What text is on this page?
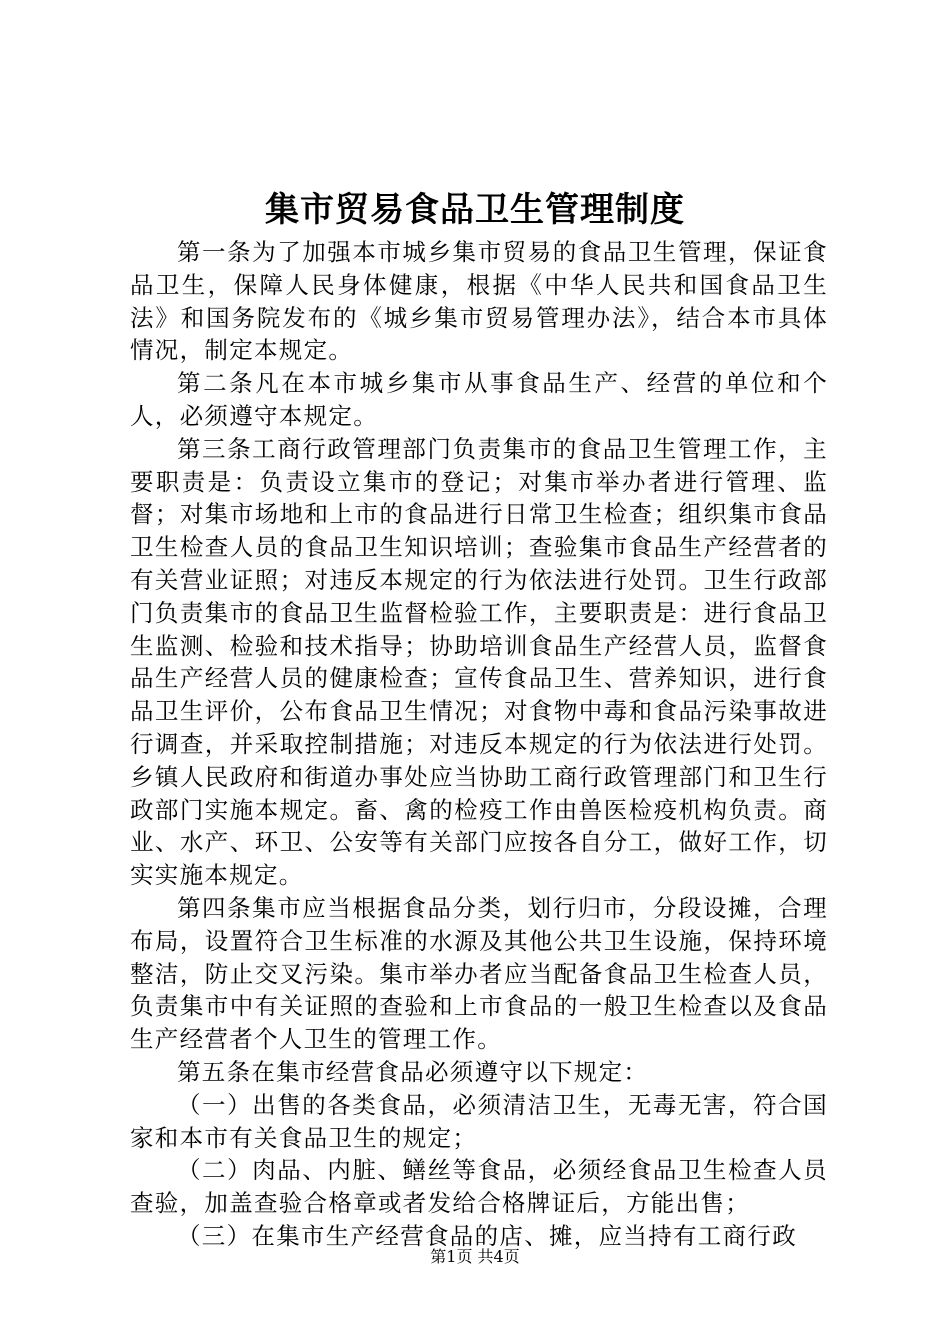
集市贸易食品卫生管理制度

第一条为了加强本市城乡集市贸易的食品卫生管理，保证食品卫生，保障人民身体健康，根据《中华人民共和国食品卫生法》和国务院发布的《城乡集市贸易管理办法》，结合本市具体情况，制定本规定。

第二条凡在本市城乡集市从事食品生产、经营的单位和个人，必须遵守本规定。

第三条工商行政管理部门负责集市的食品卫生管理工作，主要职责是：负责设立集市的登记；对集市举办者进行管理、监督；对集市场地和上市的食品进行日常卫生检查；组织集市食品卫生检查人员的食品卫生知识培训；查验集市食品生产经营者的有关营业证照；对违反本规定的行为依法进行处罚。卫生行政部门负责集市的食品卫生监督检验工作，主要职责是：进行食品卫生监测、检验和技术指导；协助培训食品生产经营人员，监督食品生产经营人员的健康检查；宣传食品卫生、营养知识，进行食品卫生评价，公布食品卫生情况；对食物中毒和食品污染事故进行调查，并采取控制措施；对违反本规定的行为依法进行处罚。乡镇人民政府和街道办事处应当协助工商行政管理部门和卫生行政部门实施本规定。畜、禽的检疫工作由兽医检疫机构负责。商业、水产、环卫、公安等有关部门应按各自分工，做好工作，切实实施本规定。

第四条集市应当根据食品分类，划行归市，分段设摊，合理布局，设置符合卫生标准的水源及其他公共卫生设施，保持环境整洁，防止交叉污染。集市举办者应当配备食品卫生检查人员，负责集市中有关证照的查验和上市食品的一般卫生检查以及食品生产经营者个人卫生的管理工作。

第五条在集市经营食品必须遵守以下规定：

（一）出售的各类食品，必须清洁卫生，无毒无害，符合国家和本市有关食品卫生的规定；

（二）肉品、内脏、鳝丝等食品，必须经食品卫生检查人员查验，加盖查验合格章或者发给合格牌证后，方能出售；

（三）在集市生产经营食品的店、摊，应当持有工商行政

第1页 共4页
